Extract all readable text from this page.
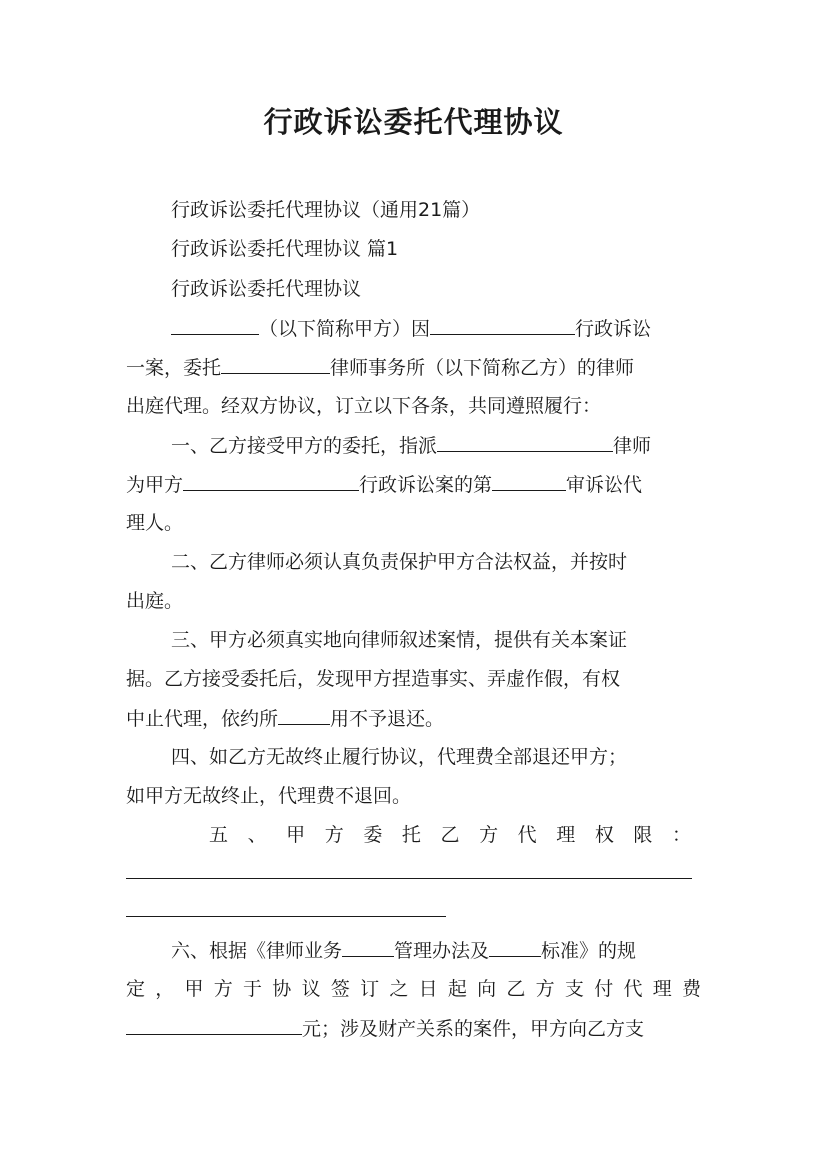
行政诉讼委托代理协议
行政诉讼委托代理协议（通用21篇）
行政诉讼委托代理协议 篇1
行政诉讼委托代理协议
（以下简称甲方）因	行政诉讼
一案，委托	律师事务所（以下简称乙方）的律师
出庭代理。经双方协议，订立以下各条，共同遵照履行：
一、乙方接受甲方的委托，指派	律师
为甲方	行政诉讼案的第	审诉讼代
理人。
二、乙方律师必须认真负责保护甲方合法权益，并按时
出庭。
三、甲方必须真实地向律师叙述案情，提供有关本案证
据。乙方接受委托后，发现甲方捏造事实、弄虚作假，有权
中止代理，依约所	用不予退还。
四、如乙方无故终止履行协议，代理费全部退还甲方；
如甲方无故终止，代理费不退回。
五、甲方委托乙方代理权限：
六、根据《律师业务	管理办法及	标准》的规
定，甲方于协议签订之日起向乙方支付代理费
元；涉及财产关系的案件，甲方向乙方支
